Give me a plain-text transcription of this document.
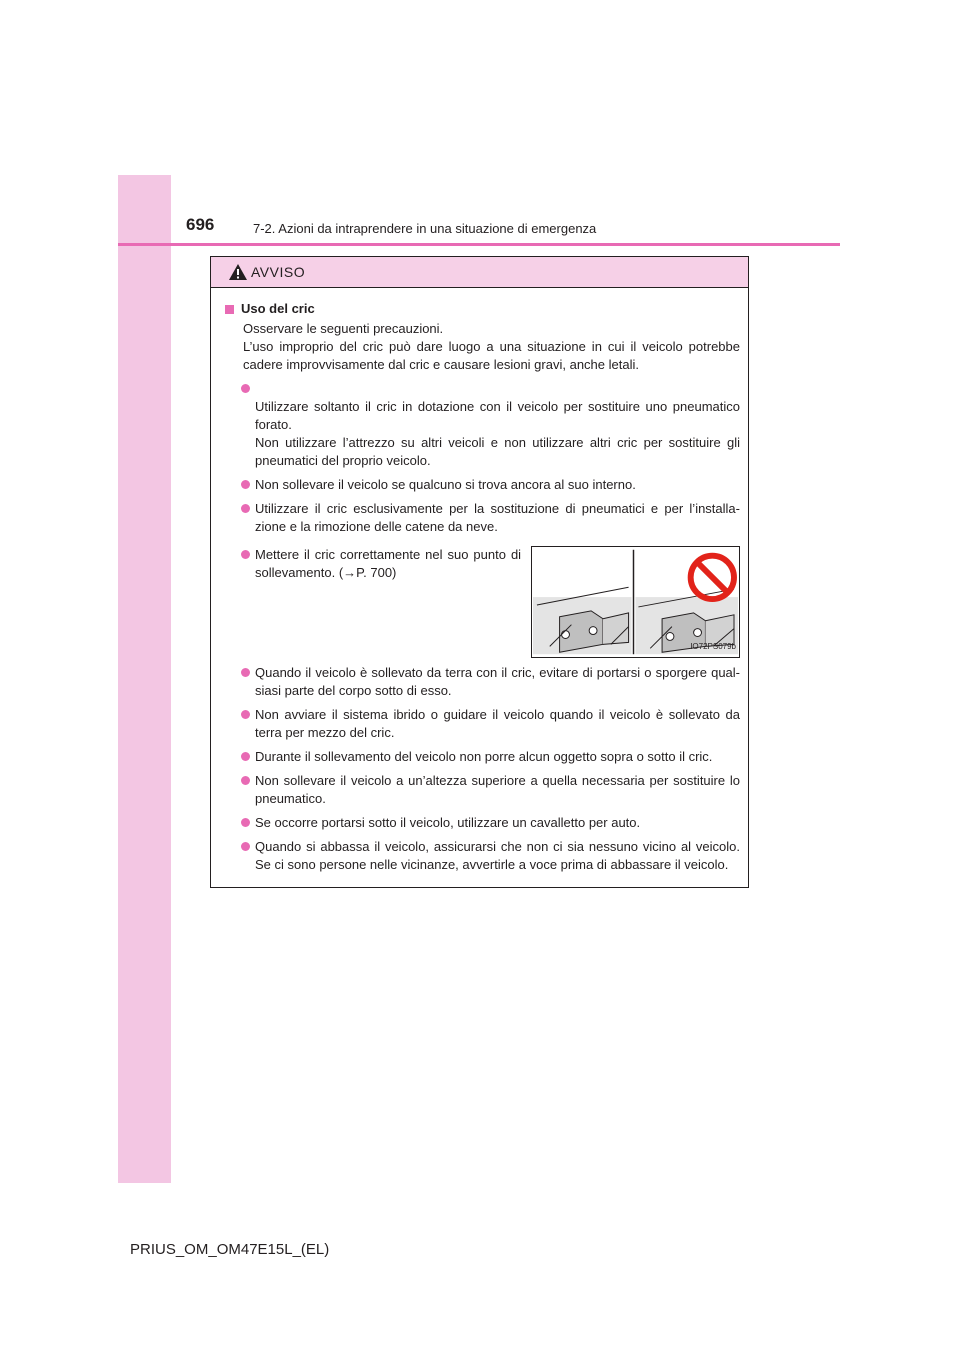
696	7-2. Azioni da intraprendere in una situazione di emergenza
AVVISO
Uso del cric
Osservare le seguenti precauzioni.
L’uso improprio del cric può dare luogo a una situazione in cui il veicolo potrebbe cadere improvvisamente dal cric e causare lesioni gravi, anche letali.

Utilizzare soltanto il cric in dotazione con il veicolo per sostituire uno pneumatico forato.
Non utilizzare l’attrezzo su altri veicoli e non utilizzare altri cric per sostituire gli pneumatici del proprio veicolo.

Non sollevare il veicolo se qualcuno si trova ancora al suo interno.
Utilizzare il cric esclusivamente per la sostituzione di pneumatici e per l’installa-zione e la rimozione delle catene da neve.
Mettere il cric correttamente nel suo punto di sollevamento. (→P. 700)
IO72PS079b
Quando il veicolo è sollevato da terra con il cric, evitare di portarsi o sporgere qual-siasi parte del corpo sotto di esso.
Non avviare il sistema ibrido o guidare il veicolo quando il veicolo è sollevato da terra per mezzo del cric.
Durante il sollevamento del veicolo non porre alcun oggetto sopra o sotto il cric.
Non sollevare il veicolo a un’altezza superiore a quella necessaria per sostituire lo pneumatico.
Se occorre portarsi sotto il veicolo, utilizzare un cavalletto per auto.
Quando si abbassa il veicolo, assicurarsi che non ci sia nessuno vicino al veicolo. Se ci sono persone nelle vicinanze, avvertirle a voce prima di abbassare il veicolo.
PRIUS_OM_OM47E15L_(EL)
